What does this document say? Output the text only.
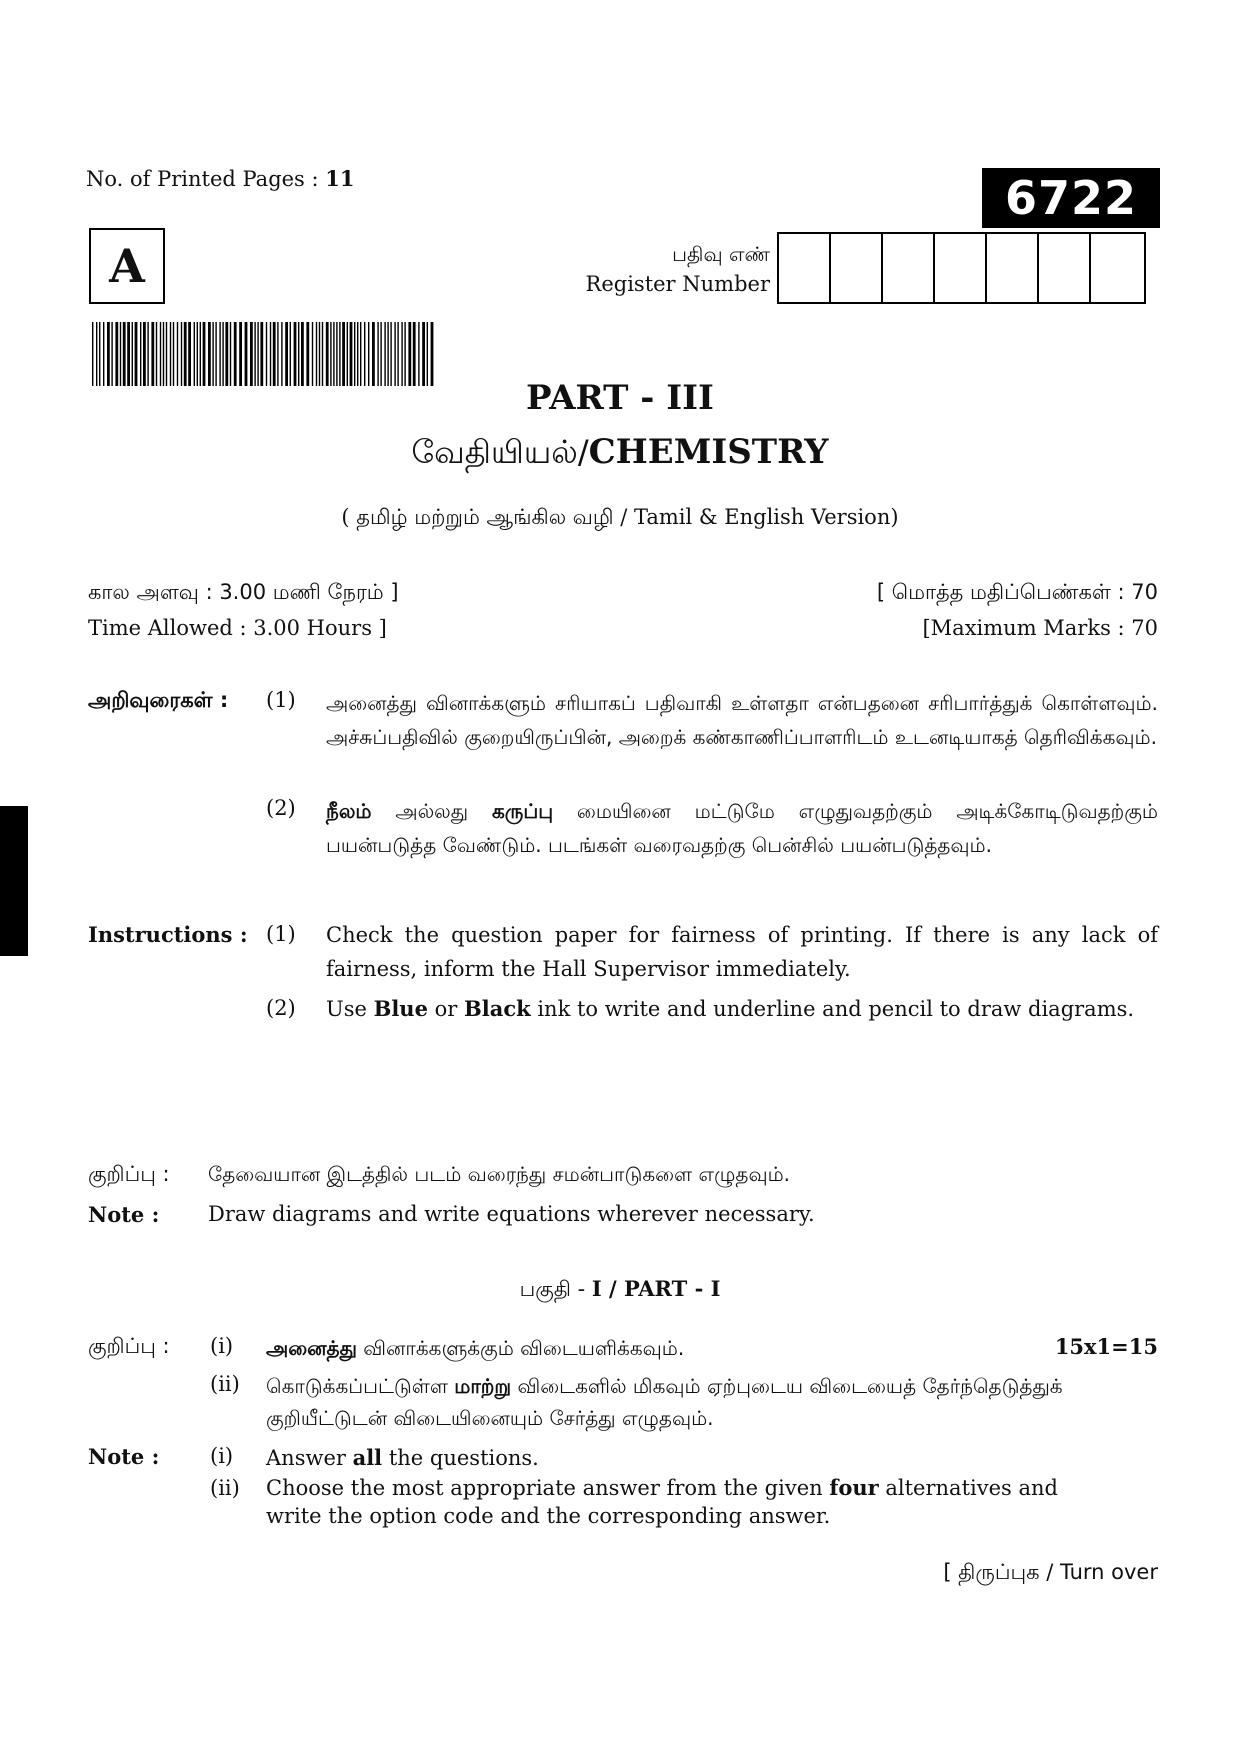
No. of Printed Pages : 11	6722
A	பதிவு எண்
Register Number
PART - III
வேதியியல்/CHEMISTRY
( தமிழ் மற்றும் ஆங்கில வழி / Tamil & English Version)
கால அளவு : 3.00 மணி நேரம் ]
Time Allowed : 3.00 Hours ]
[ மொத்த மதிப்பெண்கள் : 70
[Maximum Marks : 70
அறிவுரைகள் : (1) அனைத்து வினாக்களும் சரியாகப் பதிவாகி உள்ளதா என்பதனை சரிபார்த்துக் கொள்ளவும். அச்சுப்பதிவில் குறையிருப்பின், அறைக் கண்காணிப்பாளரிடம் உடனடியாகத் தெரிவிக்கவும்.
(2) நீலம் அல்லது கருப்பு மையினை மட்டுமே எழுதுவதற்கும் அடிக்கோடிடுவதற்கும் பயன்படுத்த வேண்டும். படங்கள் வரைவதற்கு பென்சில் பயன்படுத்தவும்.
Instructions : (1) Check the question paper for fairness of printing. If there is any lack of fairness, inform the Hall Supervisor immediately.
(2) Use Blue or Black ink to write and underline and pencil to draw diagrams.
குறிப்பு : தேவையான இடத்தில் படம் வரைந்து சமன்பாடுகளை எழுதவும்.
Note : Draw diagrams and write equations wherever necessary.
பகுதி - I / PART - I
குறிப்பு : (i) அனைத்து வினாக்களுக்கும் விடையளிக்கவும்.	15x1=15
(ii) கொடுக்கப்பட்டுள்ள மாற்று விடைகளில் மிகவும் ஏற்புடைய விடையைத் தேர்ந்தெடுத்துக் குறியீட்டுடன் விடையினையும் சேர்த்து எழுதவும்.
Note : (i) Answer all the questions.
(ii) Choose the most appropriate answer from the given four alternatives and write the option code and the corresponding answer.
[ திருப்புக / Turn over
